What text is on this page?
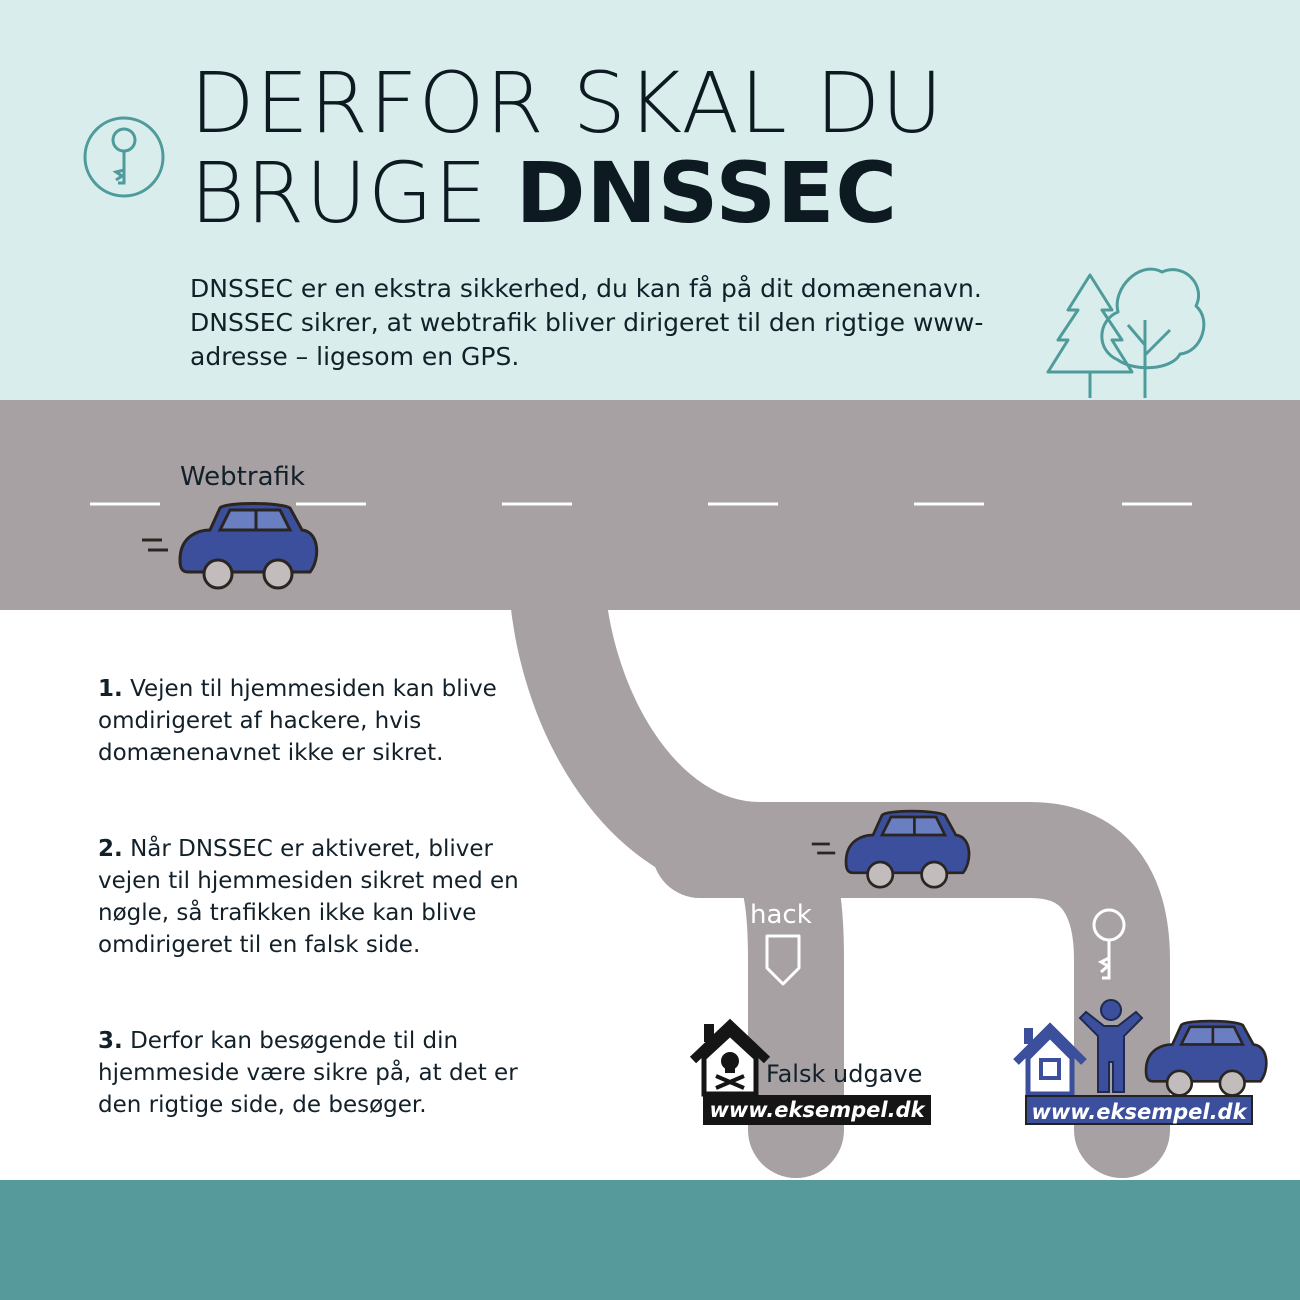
DERFOR SKAL DU
BRUGE DNSSEC

DNSSEC er en ekstra sikkerhed, du kan få på dit domænenavn. DNSSEC sikrer, at webtrafik bliver dirigeret til den rigtige www-adresse – ligesom en GPS.

Webtrafik
hack

1. Vejen til hjemmesiden kan blive omdirigeret af hackere, hvis domænenavnet ikke er sikret.

2. Når DNSSEC er aktiveret, bliver vejen til hjemmesiden sikret med en nøgle, så trafikken ikke kan blive omdirigeret til en falsk side.

3. Derfor kan besøgende til din hjemmeside være sikre på, at det er den rigtige side, de besøger.

Falsk udgave
www.eksempel.dk	www.eksempel.dk
